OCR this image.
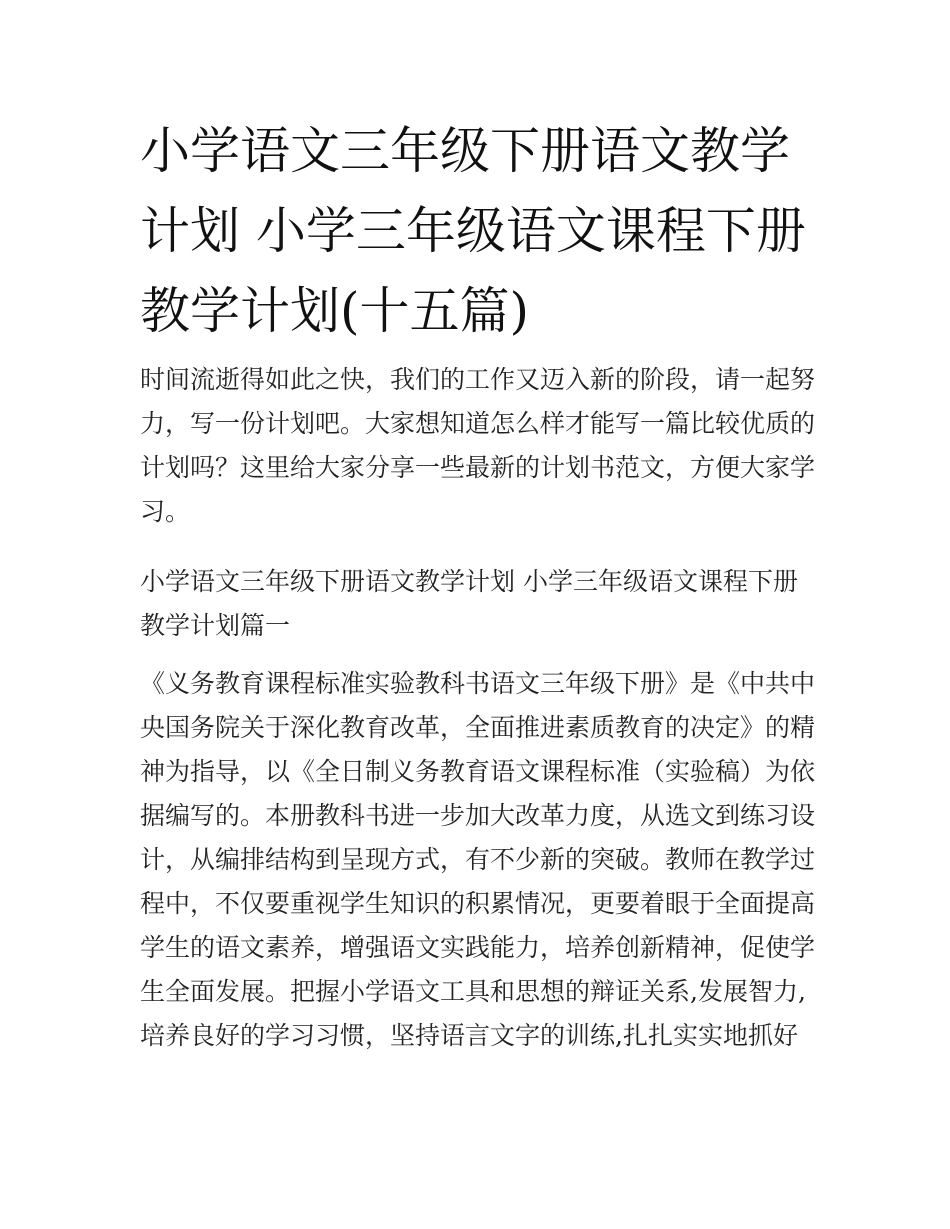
小学语文三年级下册语文教学计划 小学三年级语文课程下册教学计划(十五篇)

时间流逝得如此之快，我们的工作又迈入新的阶段，请一起努力，写一份计划吧。大家想知道怎么样才能写一篇比较优质的计划吗？这里给大家分享一些最新的计划书范文，方便大家学习。

小学语文三年级下册语文教学计划 小学三年级语文课程下册教学计划篇一

《义务教育课程标准实验教科书语文三年级下册》是《中共中央国务院关于深化教育改革，全面推进素质教育的决定》的精神为指导，以《全日制义务教育语文课程标准（实验稿）为依据编写的。本册教科书进一步加大改革力度，从选文到练习设计，从编排结构到呈现方式，有不少新的突破。教师在教学过程中，不仅要重视学生知识的积累情况，更要着眼于全面提高学生的语文素养，增强语文实践能力，培养创新精神，促使学生全面发展。把握小学语文工具和思想的辩证关系,发展智力,培养良好的学习习惯，坚持语言文字的训练,扎扎实实地抓好
